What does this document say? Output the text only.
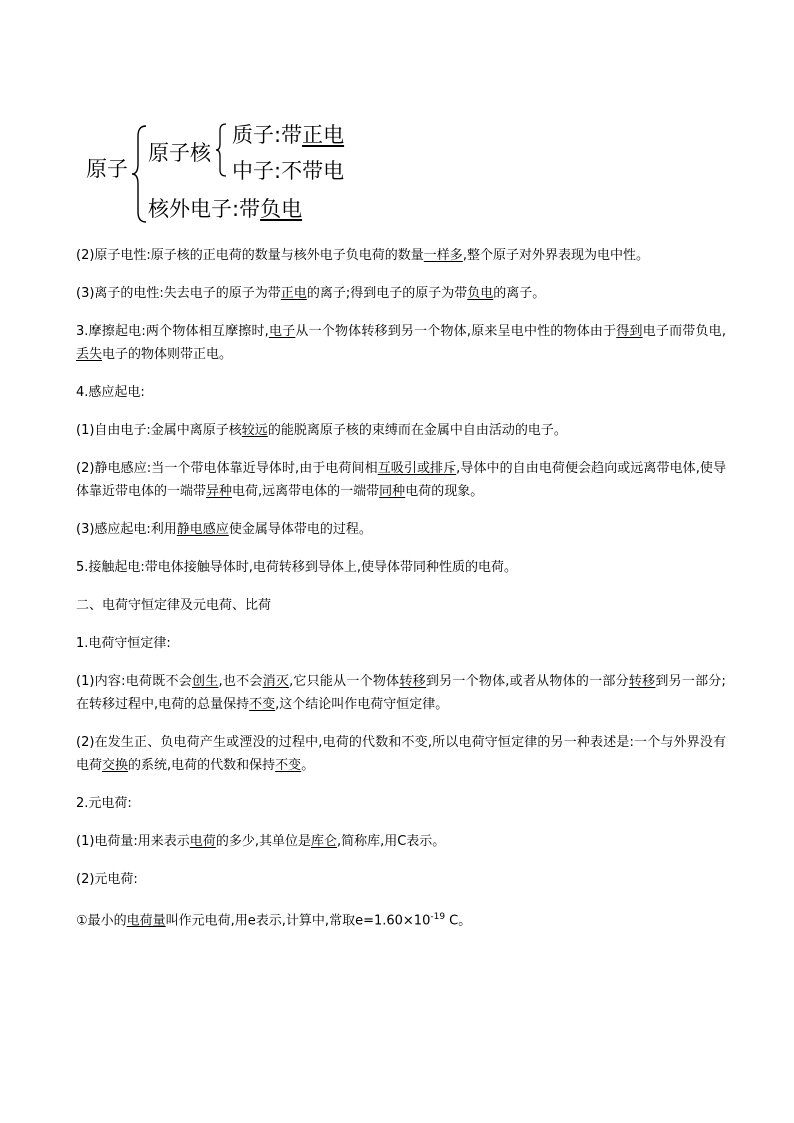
原子
原子核
质子:带正电
中子:不带电
核外电子:带负电

(2)原子电性:原子核的正电荷的数量与核外电子负电荷的数量一样多,整个原子对外界表现为电中性。

(3)离子的电性:失去电子的原子为带正电的离子;得到电子的原子为带负电的离子。

3.摩擦起电:两个物体相互摩擦时,电子从一个物体转移到另一个物体,原来呈电中性的物体由于得到电子而带负电,丢失电子的物体则带正电。

4.感应起电:

(1)自由电子:金属中离原子核较远的能脱离原子核的束缚而在金属中自由活动的电子。

(2)静电感应:当一个带电体靠近导体时,由于电荷间相互吸引或排斥,导体中的自由电荷便会趋向或远离带电体,使导体靠近带电体的一端带异种电荷,远离带电体的一端带同种电荷的现象。

(3)感应起电:利用静电感应使金属导体带电的过程。

5.接触起电:带电体接触导体时,电荷转移到导体上,使导体带同种性质的电荷。

二、电荷守恒定律及元电荷、比荷

1.电荷守恒定律:

(1)内容:电荷既不会创生,也不会消灭,它只能从一个物体转移到另一个物体,或者从物体的一部分转移到另一部分;在转移过程中,电荷的总量保持不变,这个结论叫作电荷守恒定律。

(2)在发生正、负电荷产生或湮没的过程中,电荷的代数和不变,所以电荷守恒定律的另一种表述是:一个与外界没有电荷交换的系统,电荷的代数和保持不变。

2.元电荷:

(1)电荷量:用来表示电荷的多少,其单位是库仑,简称库,用C表示。

(2)元电荷:

①最小的电荷量叫作元电荷,用e表示,计算中,常取$e=1.60\times 10^{-19}$ C。
